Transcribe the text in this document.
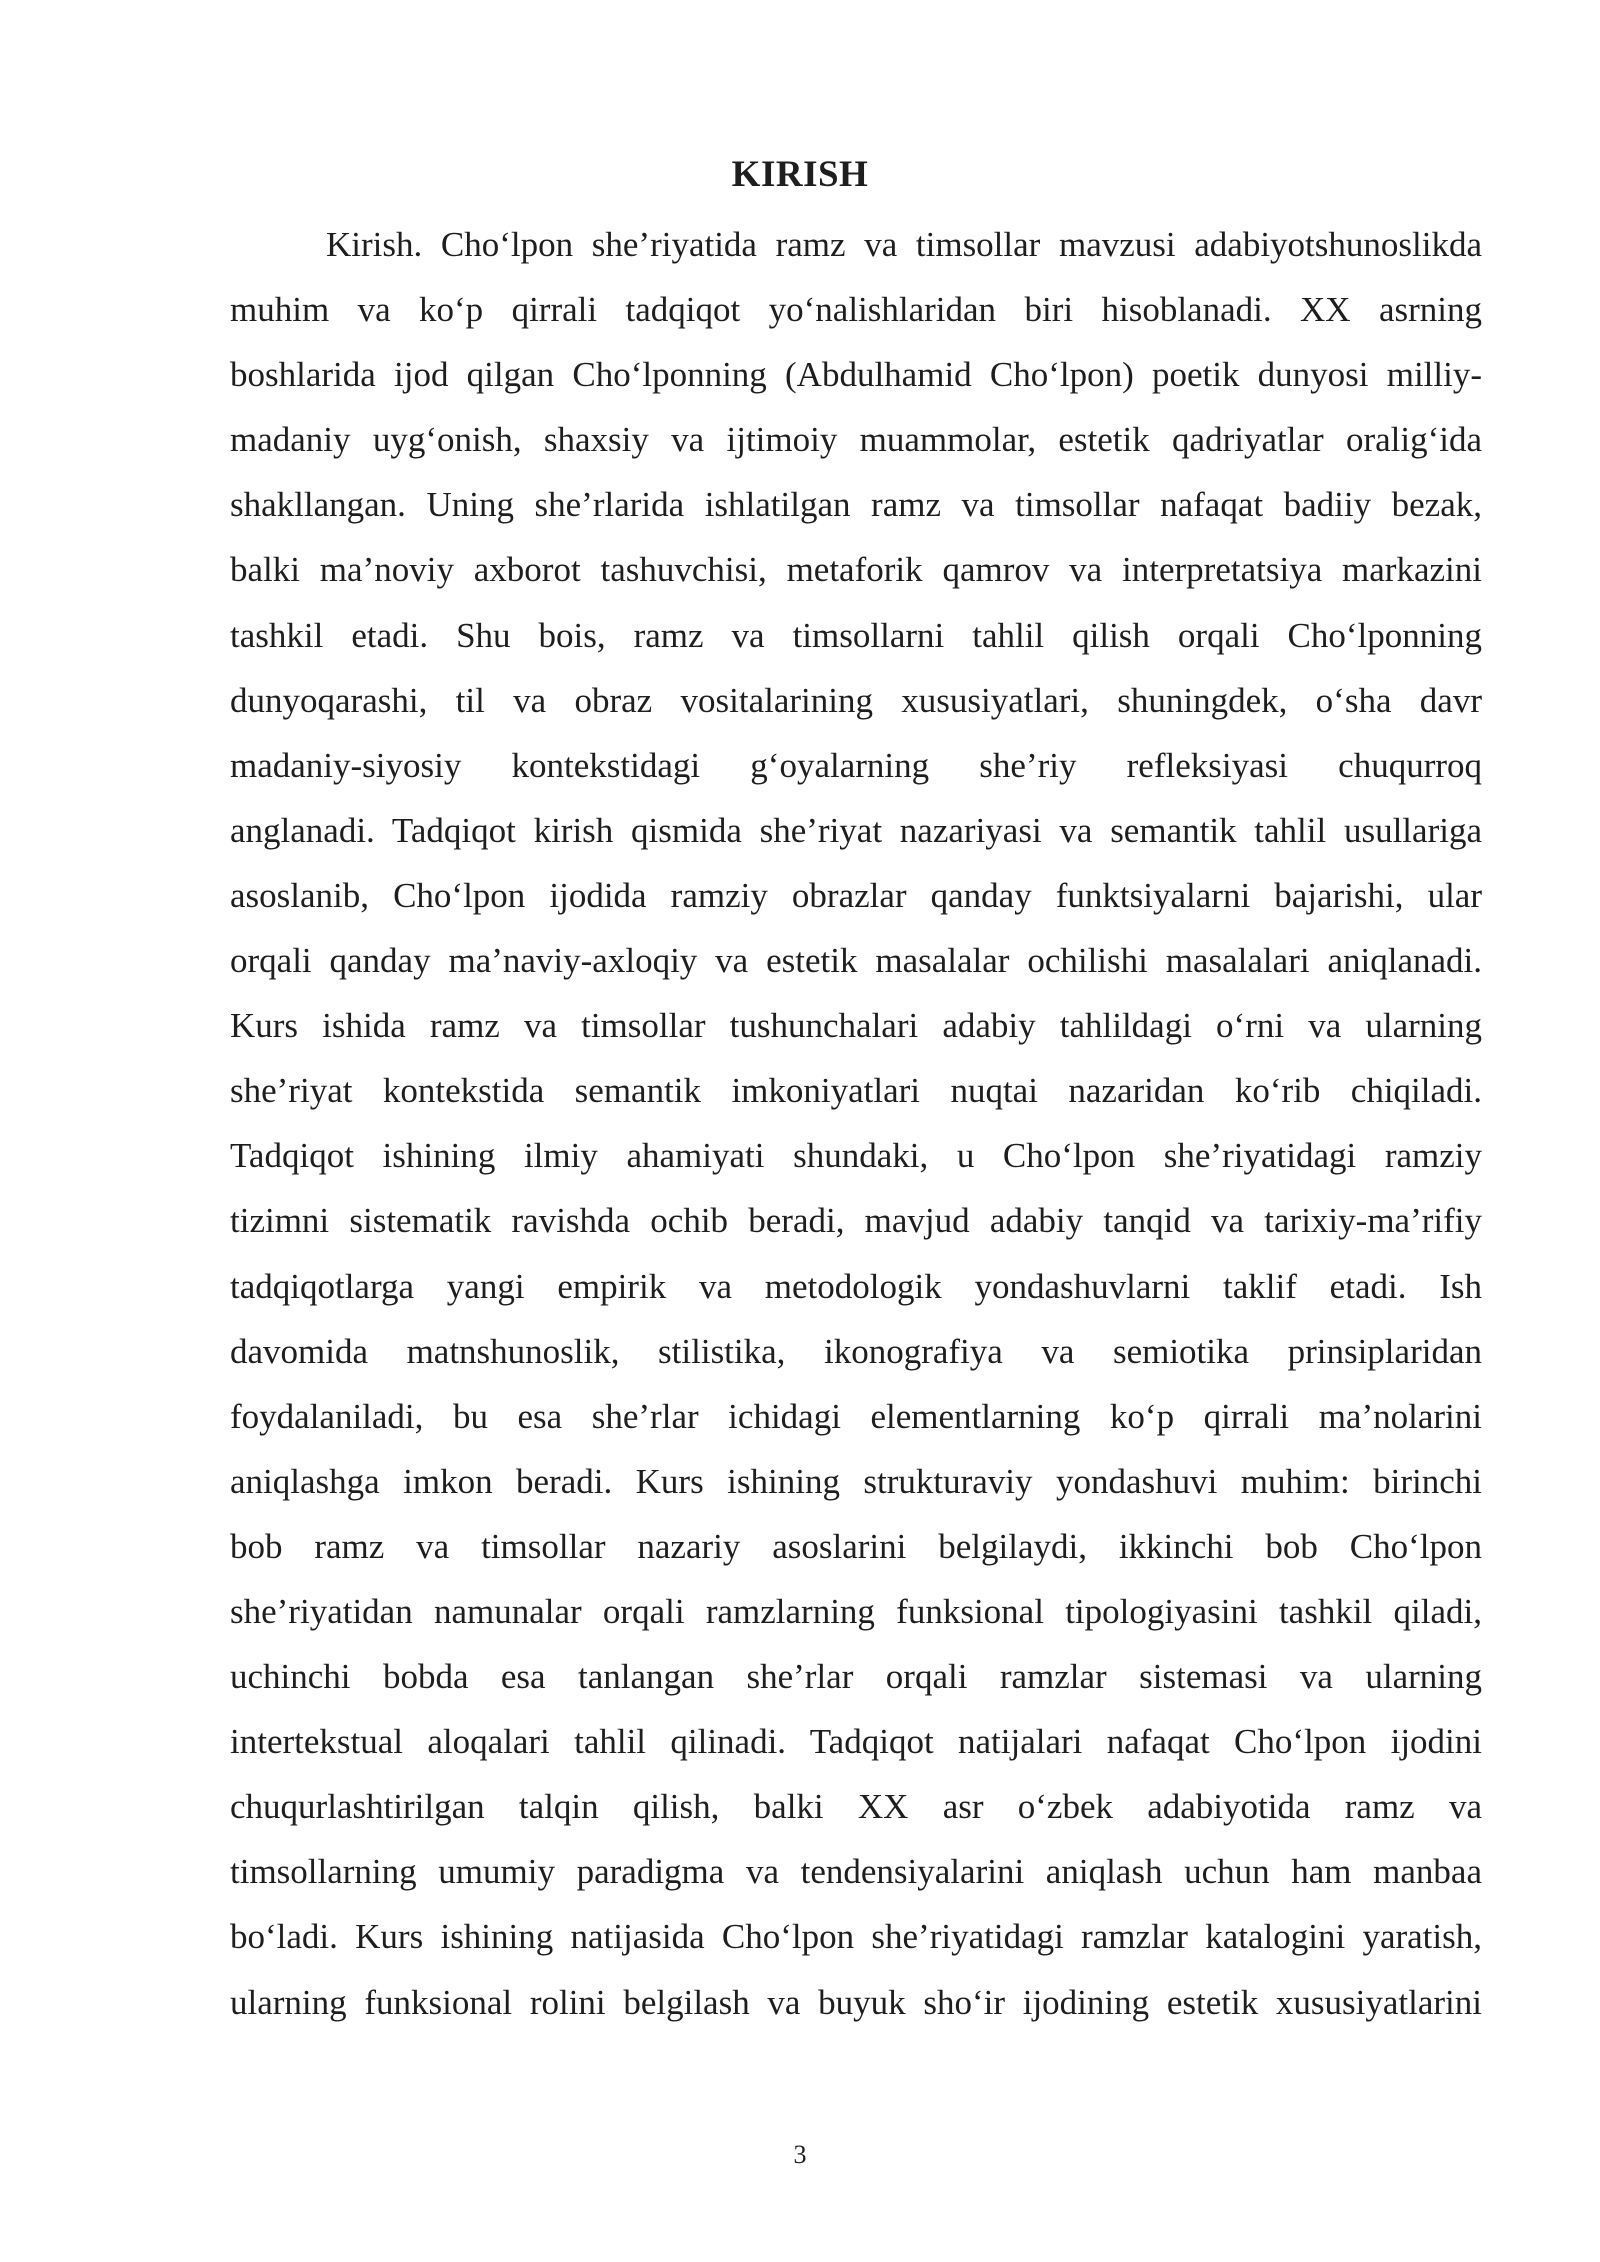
KIRISH
Kirish. Cho‘lpon she’riyatida ramz va timsollar mavzusi adabiyotshunoslikda
muhim va ko‘p qirrali tadqiqot yo‘nalishlaridan biri hisoblanadi. XX asrning
boshlarida ijod qilgan Cho‘lponning (Abdulhamid Cho‘lpon) poetik dunyosi milliy-
madaniy uyg‘onish, shaxsiy va ijtimoiy muammolar, estetik qadriyatlar oralig‘ida
shakllangan. Uning she’rlarida ishlatilgan ramz va timsollar nafaqat badiiy bezak,
balki ma’noviy axborot tashuvchisi, metaforik qamrov va interpretatsiya markazini
tashkil etadi. Shu bois, ramz va timsollarni tahlil qilish orqali Cho‘lponning
dunyoqarashi, til va obraz vositalarining xususiyatlari, shuningdek, o‘sha davr
madaniy-siyosiy kontekstidagi g‘oyalarning she’riy refleksiyasi chuqurroq
anglanadi. Tadqiqot kirish qismida she’riyat nazariyasi va semantik tahlil usullariga
asoslanib, Cho‘lpon ijodida ramziy obrazlar qanday funktsiyalarni bajarishi, ular
orqali qanday ma’naviy-axloqiy va estetik masalalar ochilishi masalalari aniqlanadi.
Kurs ishida ramz va timsollar tushunchalari adabiy tahlildagi o‘rni va ularning
she’riyat kontekstida semantik imkoniyatlari nuqtai nazaridan ko‘rib chiqiladi.
Tadqiqot ishining ilmiy ahamiyati shundaki, u Cho‘lpon she’riyatidagi ramziy
tizimni sistematik ravishda ochib beradi, mavjud adabiy tanqid va tarixiy-ma’rifiy
tadqiqotlarga yangi empirik va metodologik yondashuvlarni taklif etadi. Ish
davomida matnshunoslik, stilistika, ikonografiya va semiotika prinsiplaridan
foydalaniladi, bu esa she’rlar ichidagi elementlarning ko‘p qirrali ma’nolarini
aniqlashga imkon beradi. Kurs ishining strukturaviy yondashuvi muhim: birinchi
bob ramz va timsollar nazariy asoslarini belgilaydi, ikkinchi bob Cho‘lpon
she’riyatidan namunalar orqali ramzlarning funksional tipologiyasini tashkil qiladi,
uchinchi bobda esa tanlangan she’rlar orqali ramzlar sistemasi va ularning
intertekstual aloqalari tahlil qilinadi. Tadqiqot natijalari nafaqat Cho‘lpon ijodini
chuqurlashtirilgan talqin qilish, balki XX asr o‘zbek adabiyotida ramz va
timsollarning umumiy paradigma va tendensiyalarini aniqlash uchun ham manbaa
bo‘ladi. Kurs ishining natijasida Cho‘lpon she’riyatidagi ramzlar katalogini yaratish,
ularning funksional rolini belgilash va buyuk sho‘ir ijodining estetik xususiyatlarini
3
